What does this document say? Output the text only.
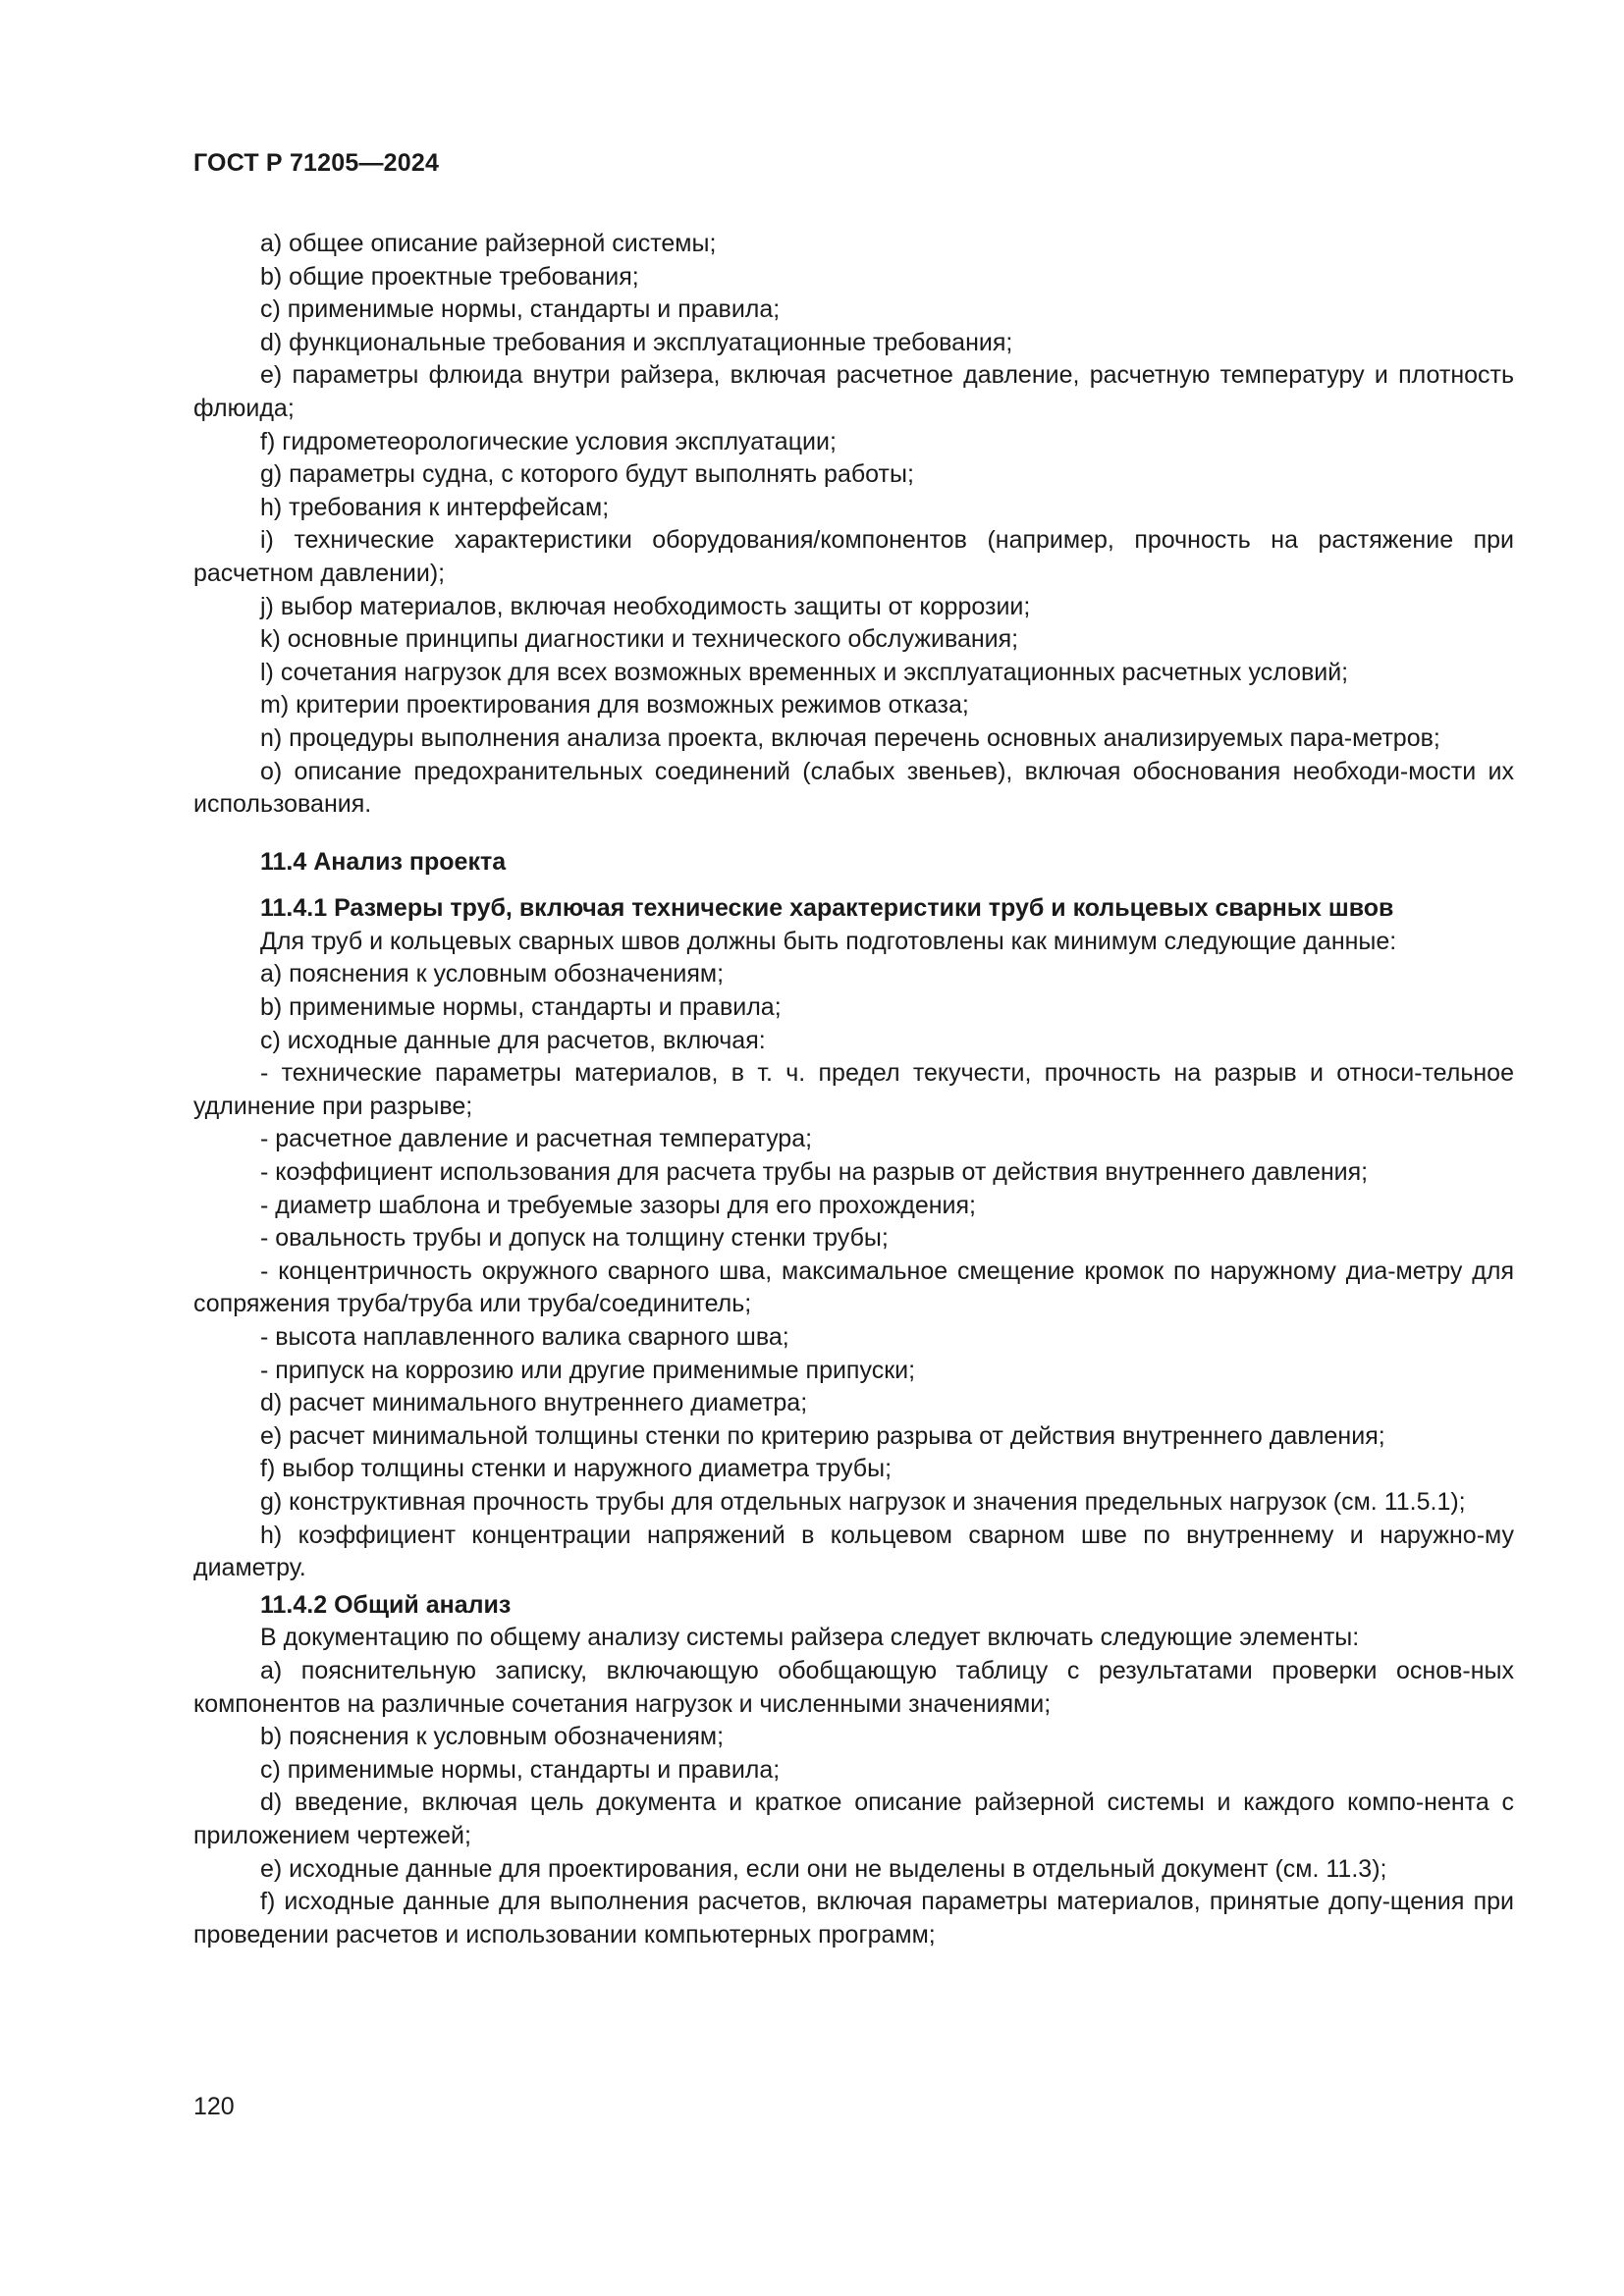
ГОСТ Р 71205—2024

a) общее описание райзерной системы;

b) общие проектные требования;

c) применимые нормы, стандарты и правила;

d) функциональные требования и эксплуатационные требования;

e) параметры флюида внутри райзера, включая расчетное давление, расчетную температуру и плотность флюида;

f) гидрометеорологические условия эксплуатации;

g) параметры судна, с которого будут выполнять работы;

h) требования к интерфейсам;

i) технические характеристики оборудования/компонентов (например, прочность на растяжение при расчетном давлении);

j) выбор материалов, включая необходимость защиты от коррозии;

k) основные принципы диагностики и технического обслуживания;

l) сочетания нагрузок для всех возможных временных и эксплуатационных расчетных условий;

m) критерии проектирования для возможных режимов отказа;

n) процедуры выполнения анализа проекта, включая перечень основных анализируемых пара-метров;

o) описание предохранительных соединений (слабых звеньев), включая обоснования необходи-мости их использования.

11.4 Анализ проекта

11.4.1 Размеры труб, включая технические характеристики труб и кольцевых сварных швов

Для труб и кольцевых сварных швов должны быть подготовлены как минимум следующие данные:

a) пояснения к условным обозначениям;

b) применимые нормы, стандарты и правила;

c) исходные данные для расчетов, включая:

- технические параметры материалов, в т. ч. предел текучести, прочность на разрыв и относи-тельное удлинение при разрыве;

- расчетное давление и расчетная температура;

- коэффициент использования для расчета трубы на разрыв от действия внутреннего давления;

- диаметр шаблона и требуемые зазоры для его прохождения;

- овальность трубы и допуск на толщину стенки трубы;

- концентричность окружного сварного шва, максимальное смещение кромок по наружному диа-метру для сопряжения труба/труба или труба/соединитель;

- высота наплавленного валика сварного шва;

- припуск на коррозию или другие применимые припуски;

d) расчет минимального внутреннего диаметра;

e) расчет минимальной толщины стенки по критерию разрыва от действия внутреннего давления;

f) выбор толщины стенки и наружного диаметра трубы;

g) конструктивная прочность трубы для отдельных нагрузок и значения предельных нагрузок (см. 11.5.1);

h) коэффициент концентрации напряжений в кольцевом сварном шве по внутреннему и наружно-му диаметру.

11.4.2 Общий анализ

В документацию по общему анализу системы райзера следует включать следующие элементы:

a) пояснительную записку, включающую обобщающую таблицу с результатами проверки основ-ных компонентов на различные сочетания нагрузок и численными значениями;

b) пояснения к условным обозначениям;

c) применимые нормы, стандарты и правила;

d) введение, включая цель документа и краткое описание райзерной системы и каждого компо-нента с приложением чертежей;

e) исходные данные для проектирования, если они не выделены в отдельный документ (см. 11.3);

f) исходные данные для выполнения расчетов, включая параметры материалов, принятые допу-щения при проведении расчетов и использовании компьютерных программ;

120
